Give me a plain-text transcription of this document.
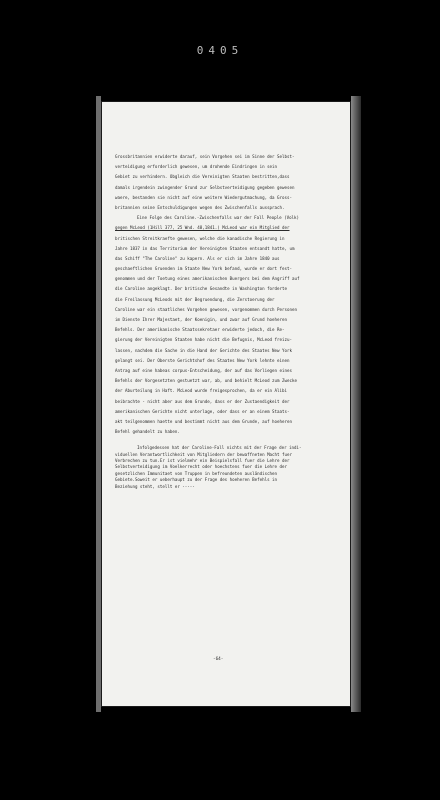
0405
Grossbritannien erwiderte darauf, sein Vorgehen sei im Sinne der Selbst-
verteidigung erforderlich gewesen, um drohende Eindringen in sein
Gebiet zu verhindern. Obgleich die Vereinigten Staaten bestritten,dass
damals irgendein zwingender Grund zur Selbstverteidigung gegeben gewesen
waere, bestanden sie nicht auf eine weitere Wiedergutmachung, da Gross-
britannien seine Entschuldigungen wegen des Zwischenfalls aussprach.
Eine Folge des Caroline.-Zwischenfalls war der Fall People (Volk)
gegen McLeod (1Hill 377, 25 Wnd. 48,1841.) McLeod war ein Mitglied der
britischen Streitkraefte gewesen, welche die kanadische Regierung in
Jahre 1837 in das Territorium der Vereinigten Staaten entsandt hatte, um
das Schiff "The Caroline" zu kapern. Als er sich im Jahre 1840 aus
geschaeftlichen Gruenden im Staate New York befand, wurde er dort fest-
genommen und der Toetung eines amerikanischen Buergers bei dem Angriff auf
die Caroline angeklagt. Der britische Gesandte in Washington forderte
die Freilassung McLeods mit der Begruendung, die Zerstoerung der
Caroline war ein staatliches Vorgehen gewesen, vorgenommen durch Personen
im Dienste Ihrer Majestaet, der Koenigin, und zwar auf Grund hoeheren
Befehls. Der amerikanische Staatssekretaer erwiderte jedoch, die Re-
gierung der Vereinigten Staaten habe nicht die Befugnis, McLeod freizu-
lassen, nachdem die Sache in die Hand der Gerichte des Staates New York
gelangt sei. Der Oberste Gerichtshof des Staates New York lehnte einen
Antrag auf eine habeas corpus-Entscheidung, der auf das Vorliegen eines
Befehls der Vorgesetzten gestuetzt war, ab, und behielt McLeod zum Zwecke
der Aburteilung in Haft. McLeod wurde freigesprochen, da er ein Alibi
beibrachte - nicht aber aus dem Grunde, dass er der Zustaendigkeit der
amerikanischen Gerichte nicht unterlage, oder dass er an einem Staats-
akt teilgenommen haette und bestimmt nicht aus dem Grunde, auf hoeheren
Befehl gehandelt zu haben.
Infolgedessen hat der Caroline-Fall nichts mit der Frage der indi-
viduellen Verantwortlichkeit von Mitgliedern der bewaffneten Macht fuer
Verbrechen zu tun.Er ist vielmehr ein Beispielsfall fuer die Lehre der
Selbstverteidigung im Voelkerrecht oder hoechstens fuer die Lehre der
gesetzlichen Immunitaet von Truppen in befreundeten ausländischen
Gebiete.Soweit er ueberhaupt zu der Frage des hoeheren Befehls in
Beziehung steht, stellt er -----
-64-
